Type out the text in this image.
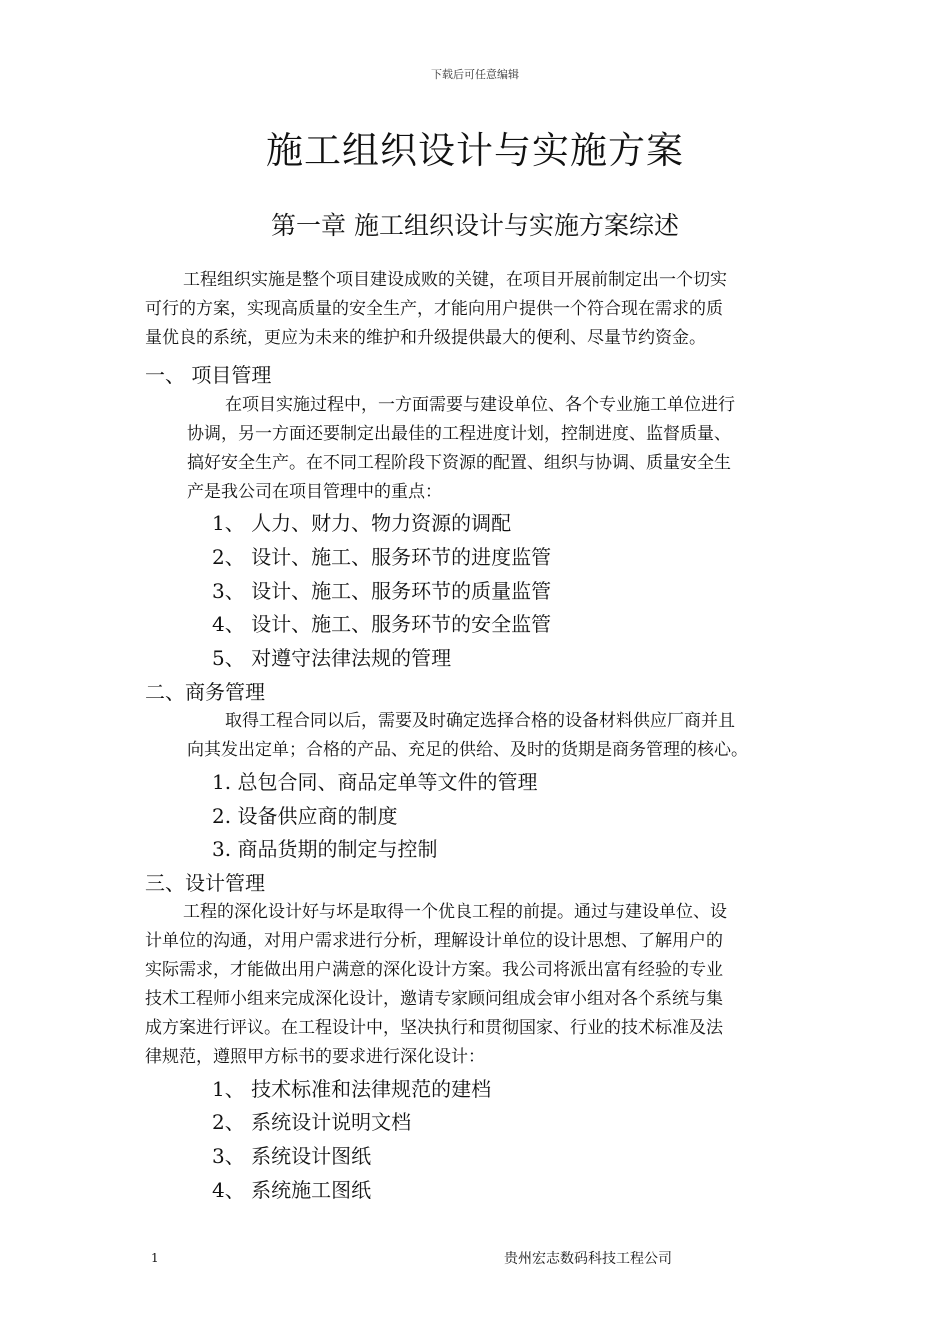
下载后可任意编辑
施工组织设计与实施方案
第一章 施工组织设计与实施方案综述
工程组织实施是整个项目建设成败的关键，在项目开展前制定出一个切实
可行的方案，实现高质量的安全生产，才能向用户提供一个符合现在需求的质
量优良的系统，更应为未来的维护和升级提供最大的便利、尽量节约资金。
一、 项目管理
在项目实施过程中，一方面需要与建设单位、各个专业施工单位进行
协调，另一方面还要制定出最佳的工程进度计划，控制进度、监督质量、
搞好安全生产。在不同工程阶段下资源的配置、组织与协调、质量安全生
产是我公司在项目管理中的重点：
1、 人力、财力、物力资源的调配
2、 设计、施工、服务环节的进度监管
3、 设计、施工、服务环节的质量监管
4、 设计、施工、服务环节的安全监管
5、 对遵守法律法规的管理
二、商务管理
取得工程合同以后，需要及时确定选择合格的设备材料供应厂商并且
向其发出定单；合格的产品、充足的供给、及时的货期是商务管理的核心。
1. 总包合同、商品定单等文件的管理
2. 设备供应商的制度
3. 商品货期的制定与控制
三、设计管理
工程的深化设计好与坏是取得一个优良工程的前提。通过与建设单位、设
计单位的沟通，对用户需求进行分析，理解设计单位的设计思想、了解用户的
实际需求，才能做出用户满意的深化设计方案。我公司将派出富有经验的专业
技术工程师小组来完成深化设计，邀请专家顾问组成会审小组对各个系统与集
成方案进行评议。在工程设计中，坚决执行和贯彻国家、行业的技术标准及法
律规范，遵照甲方标书的要求进行深化设计：
1、 技术标准和法律规范的建档
2、 系统设计说明文档
3、 系统设计图纸
4、 系统施工图纸
1	贵州宏志数码科技工程公司
